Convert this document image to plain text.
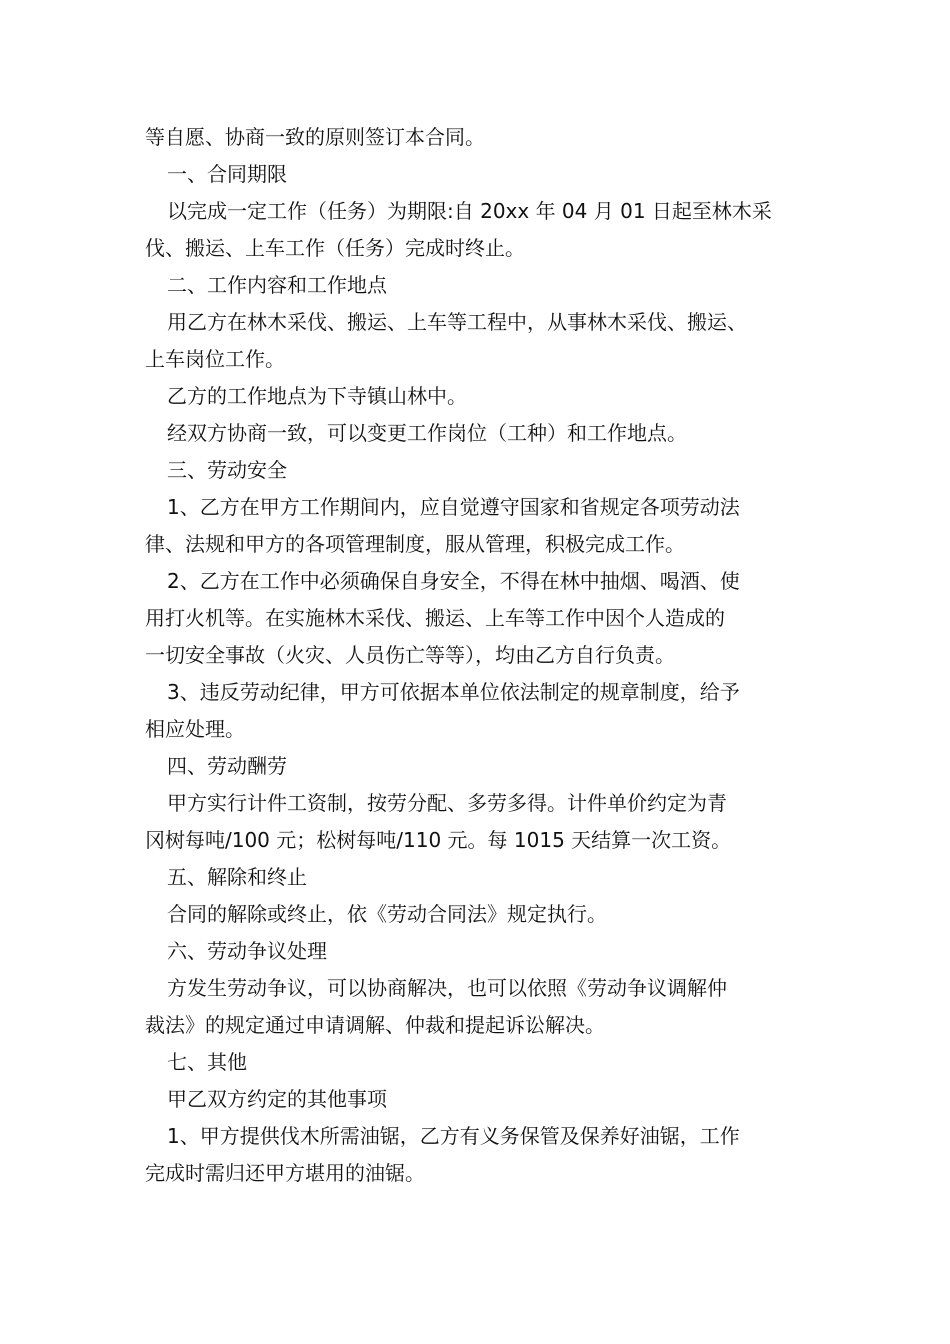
等自愿、协商一致的原则签订本合同。
一、合同期限
以完成一定工作（任务）为期限:自 20xx 年 04 月 01 日起至林木采
伐、搬运、上车工作（任务）完成时终止。
二、工作内容和工作地点
用乙方在林木采伐、搬运、上车等工程中，从事林木采伐、搬运、
上车岗位工作。
乙方的工作地点为下寺镇山林中。
经双方协商一致，可以变更工作岗位（工种）和工作地点。
三、劳动安全
1、乙方在甲方工作期间内，应自觉遵守国家和省规定各项劳动法
律、法规和甲方的各项管理制度，服从管理，积极完成工作。
2、乙方在工作中必须确保自身安全，不得在林中抽烟、喝酒、使
用打火机等。在实施林木采伐、搬运、上车等工作中因个人造成的
一切安全事故（火灾、人员伤亡等等），均由乙方自行负责。
3、违反劳动纪律，甲方可依据本单位依法制定的规章制度，给予
相应处理。
四、劳动酬劳
甲方实行计件工资制，按劳分配、多劳多得。计件单价约定为青
冈树每吨/100 元；松树每吨/110 元。每 1015 天结算一次工资。
五、解除和终止
合同的解除或终止，依《劳动合同法》规定执行。
六、劳动争议处理
方发生劳动争议，可以协商解决，也可以依照《劳动争议调解仲
裁法》的规定通过申请调解、仲裁和提起诉讼解决。
七、其他
甲乙双方约定的其他事项
1、甲方提供伐木所需油锯，乙方有义务保管及保养好油锯，工作
完成时需归还甲方堪用的油锯。
